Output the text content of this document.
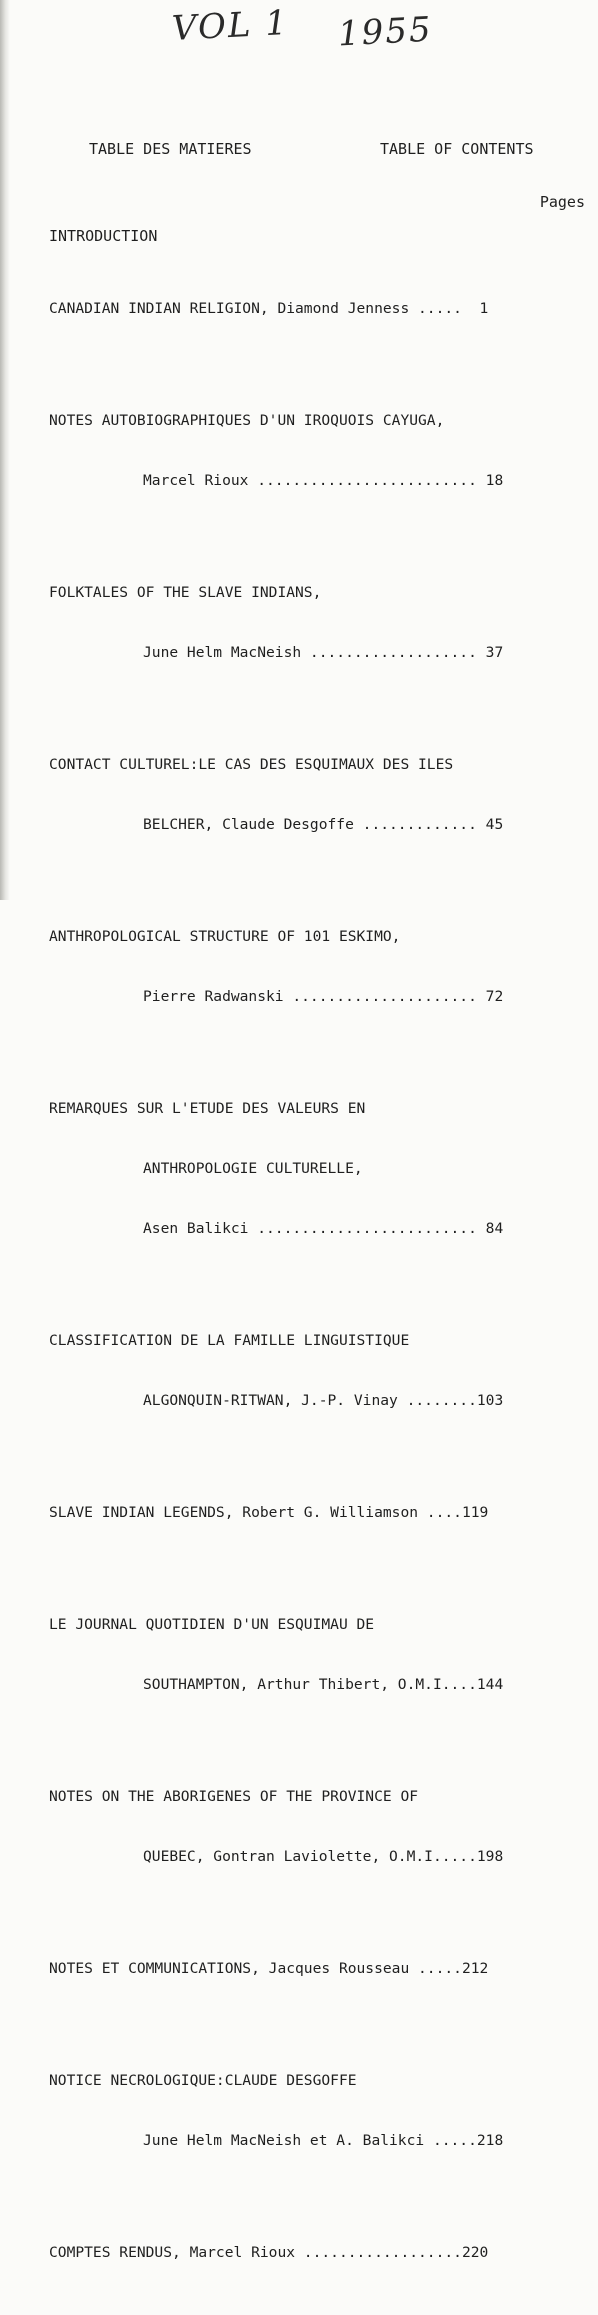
VOL 1 1955
TABLE DES MATIERES	TABLE OF CONTENTS
Pages
INTRODUCTION

CANADIAN INDIAN RELIGION, Diamond Jenness .....  1

NOTES AUTOBIOGRAPHIQUES D'UN IROQUOIS CAYUGA,

Marcel Rioux ......................... 18

FOLKTALES OF THE SLAVE INDIANS,

June Helm MacNeish ................... 37

CONTACT CULTUREL:LE CAS DES ESQUIMAUX DES ILES

BELCHER, Claude Desgoffe ............. 45

ANTHROPOLOGICAL STRUCTURE OF 101 ESKIMO,

Pierre Radwanski ..................... 72

REMARQUES SUR L'ETUDE DES VALEURS EN

ANTHROPOLOGIE CULTURELLE,

Asen Balikci ......................... 84

CLASSIFICATION DE LA FAMILLE LINGUISTIQUE

ALGONQUIN-RITWAN, J.-P. Vinay ........103

SLAVE INDIAN LEGENDS, Robert G. Williamson ....119

LE JOURNAL QUOTIDIEN D'UN ESQUIMAU DE

SOUTHAMPTON, Arthur Thibert, O.M.I....144

NOTES ON THE ABORIGENES OF THE PROVINCE OF

QUEBEC, Gontran Laviolette, O.M.I.....198

NOTES ET COMMUNICATIONS, Jacques Rousseau .....212

NOTICE NECROLOGIQUE:CLAUDE DESGOFFE

June Helm MacNeish et A. Balikci .....218

COMPTES RENDUS, Marcel Rioux ..................220
